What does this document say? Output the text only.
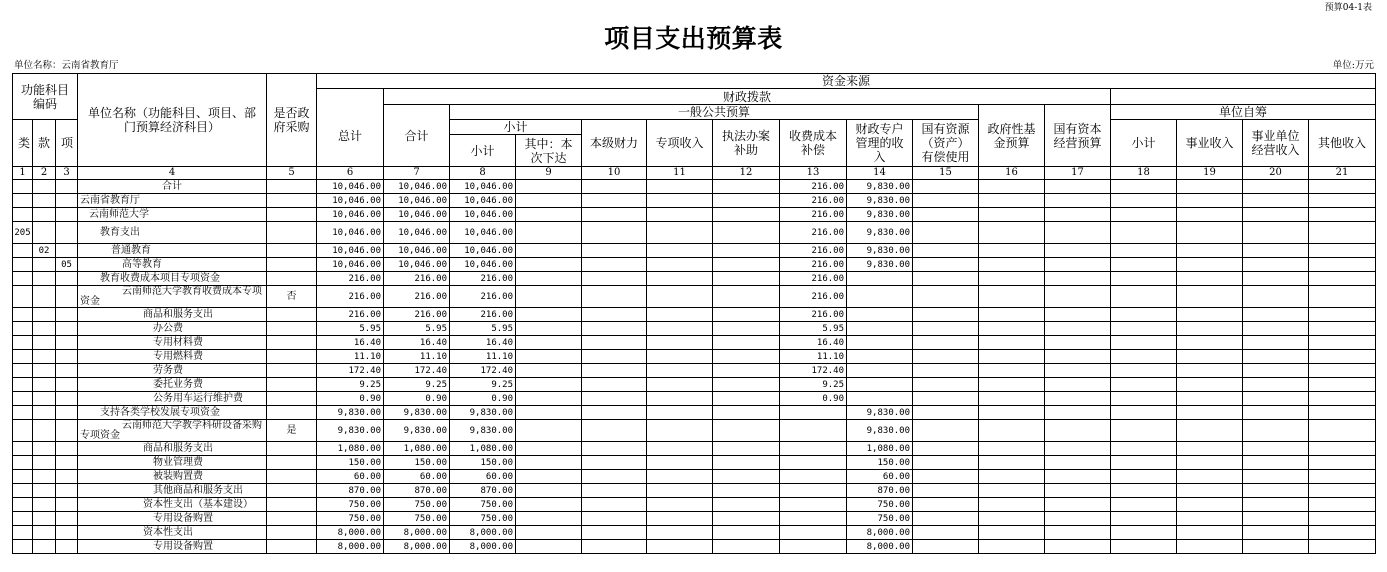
预算04-1表
项目支出预算表
单位名称：云南省教育厅	单位:万元
功能科目编码			单位名称（功能科目、项目、部门预算经济科目）	是否政府采购	资金来源															
					总计	财政拨款														
						合计	一般公共预算								政府性基金预算	国有资本经营预算	单位自筹			
类	款	项					小计		本级财力	专项收入	执法办案补助	收费成本补偿	财政专户管理的收入	国有资源（资产）有偿使用			小计	事业收入	事业单位经营收入	其他收入
							小计	其中：本次下达												
1	2	3	4	5	6	7	8	9	10	11	12	13	14	15	16	17	18	19	20	21
			合计		10,046.00	10,046.00	10,046.00					216.00	9,830.00							
			云南省教育厅		10,046.00	10,046.00	10,046.00					216.00	9,830.00							
			云南师范大学		10,046.00	10,046.00	10,046.00					216.00	9,830.00							
205			教育支出		10,046.00	10,046.00	10,046.00					216.00	9,830.00							
	02		普通教育		10,046.00	10,046.00	10,046.00					216.00	9,830.00							
		05	高等教育		10,046.00	10,046.00	10,046.00					216.00	9,830.00							
			教育收费成本项目专项资金		216.00	216.00	216.00					216.00								
			云南师范大学教育收费成本专项资金	否	216.00	216.00	216.00					216.00								
			商品和服务支出		216.00	216.00	216.00					216.00								
			办公费		5.95	5.95	5.95					5.95								
			专用材料费		16.40	16.40	16.40					16.40								
			专用燃料费		11.10	11.10	11.10					11.10								
			劳务费		172.40	172.40	172.40					172.40								
			委托业务费		9.25	9.25	9.25					9.25								
			公务用车运行维护费		0.90	0.90	0.90					0.90								
			支持各类学校发展专项资金		9,830.00	9,830.00	9,830.00						9,830.00							
			云南师范大学教学科研设备采购专项资金	是	9,830.00	9,830.00	9,830.00						9,830.00							
			商品和服务支出		1,080.00	1,080.00	1,080.00						1,080.00							
			物业管理费		150.00	150.00	150.00						150.00							
			被装购置费		60.00	60.00	60.00						60.00							
			其他商品和服务支出		870.00	870.00	870.00						870.00							
			资本性支出（基本建设）		750.00	750.00	750.00						750.00							
			专用设备购置		750.00	750.00	750.00						750.00							
			资本性支出		8,000.00	8,000.00	8,000.00						8,000.00							
			专用设备购置		8,000.00	8,000.00	8,000.00						8,000.00							
